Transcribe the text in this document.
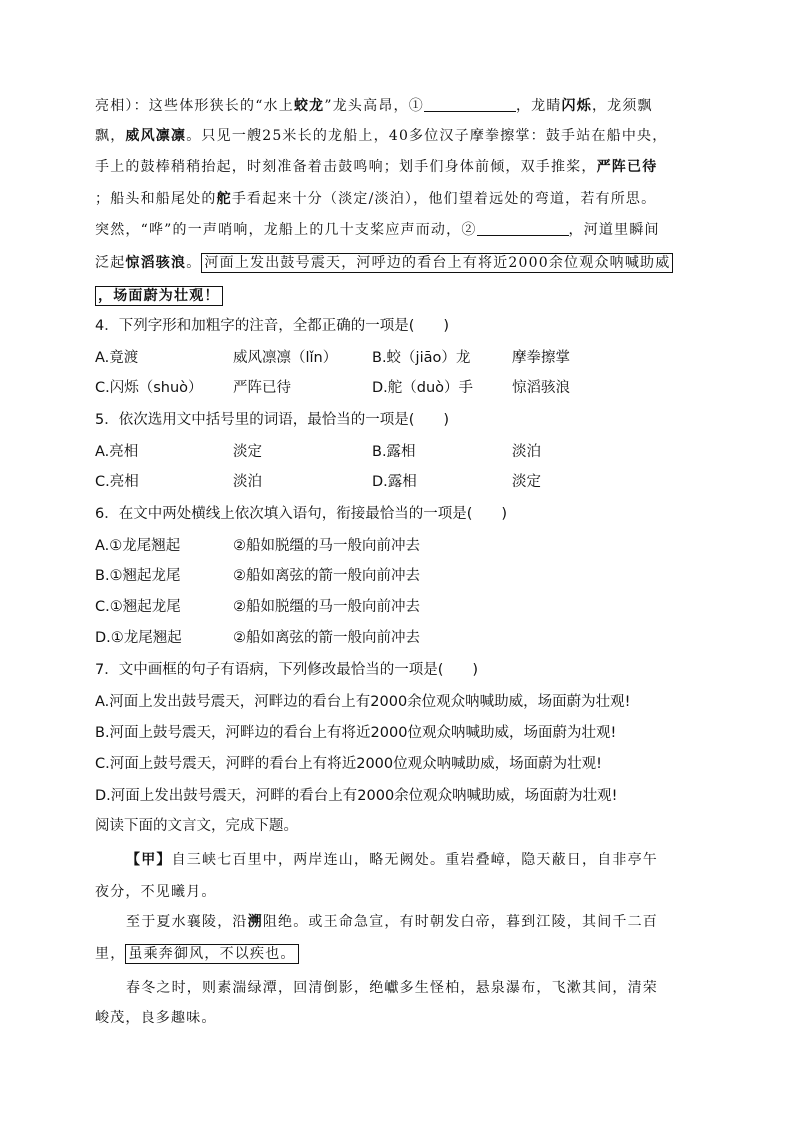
亮相）：这些体形狭长的“水上蛟龙”龙头高昂，①	，龙睛闪烁，龙须飘
飘，威风凛凛。只见一艘25米长的龙船上，40多位汉子摩拳擦掌：鼓手站在船中央，
手上的鼓棒稍稍抬起，时刻准备着击鼓鸣响；划手们身体前倾，双手推桨，严阵已待
；船头和船尾处的舵手看起来十分（淡定/淡泊），他们望着远处的弯道，若有所思。
突然，“哗”的一声哨响，龙船上的几十支桨应声而动，②	，河道里瞬间
泛起惊滔骇浪。 河面上发出鼓号震天，河呼边的看台上有将近2000余位观众呐喊助威
，场面蔚为壮观！
4．下列字形和加粗字的注音，全都正确的一项是(　　)
A.竟渡	威风凛凛（lǐn） B.蛟（jiāo）龙	摩拳擦掌
C.闪烁（shuò） 严阵已待	D.舵（duò）手	惊滔骇浪
5．依次选用文中括号里的词语，最恰当的一项是(　　)
A.亮相	淡定	B.露相	淡泊
C.亮相	淡泊	D.露相	淡定
6．在文中两处横线上依次填入语句，衔接最恰当的一项是(　　)
A.①龙尾翘起	②船如脱缰的马一般向前冲去
B.①翘起龙尾	②船如离弦的箭一般向前冲去
C.①翘起龙尾	②船如脱缰的马一般向前冲去
D.①龙尾翘起	②船如离弦的箭一般向前冲去
7．文中画框的句子有语病，下列修改最恰当的一项是(　　)
A.河面上发出鼓号震天，河畔边的看台上有2000余位观众呐喊助威，场面蔚为壮观!
B.河面上鼓号震天，河畔边的看台上有将近2000位观众呐喊助威，场面蔚为壮观!
C.河面上鼓号震天，河畔的看台上有将近2000位观众呐喊助威，场面蔚为壮观!
D.河面上发出鼓号震天，河畔的看台上有2000余位观众呐喊助威，场面蔚为壮观!
阅读下面的文言文，完成下题。
【甲】自三峡七百里中，两岸连山，略无阙处。重岩叠嶂，隐天蔽日，自非亭午
夜分，不见曦月。
至于夏水襄陵，沿溯阻绝。或王命急宣，有时朝发白帝，暮到江陵，其间千二百
里， 虽乘奔御风，不以疾也。
春冬之时，则素湍绿潭，回清倒影，绝巘多生怪柏，悬泉瀑布，飞漱其间，清荣
峻茂，良多趣味。
